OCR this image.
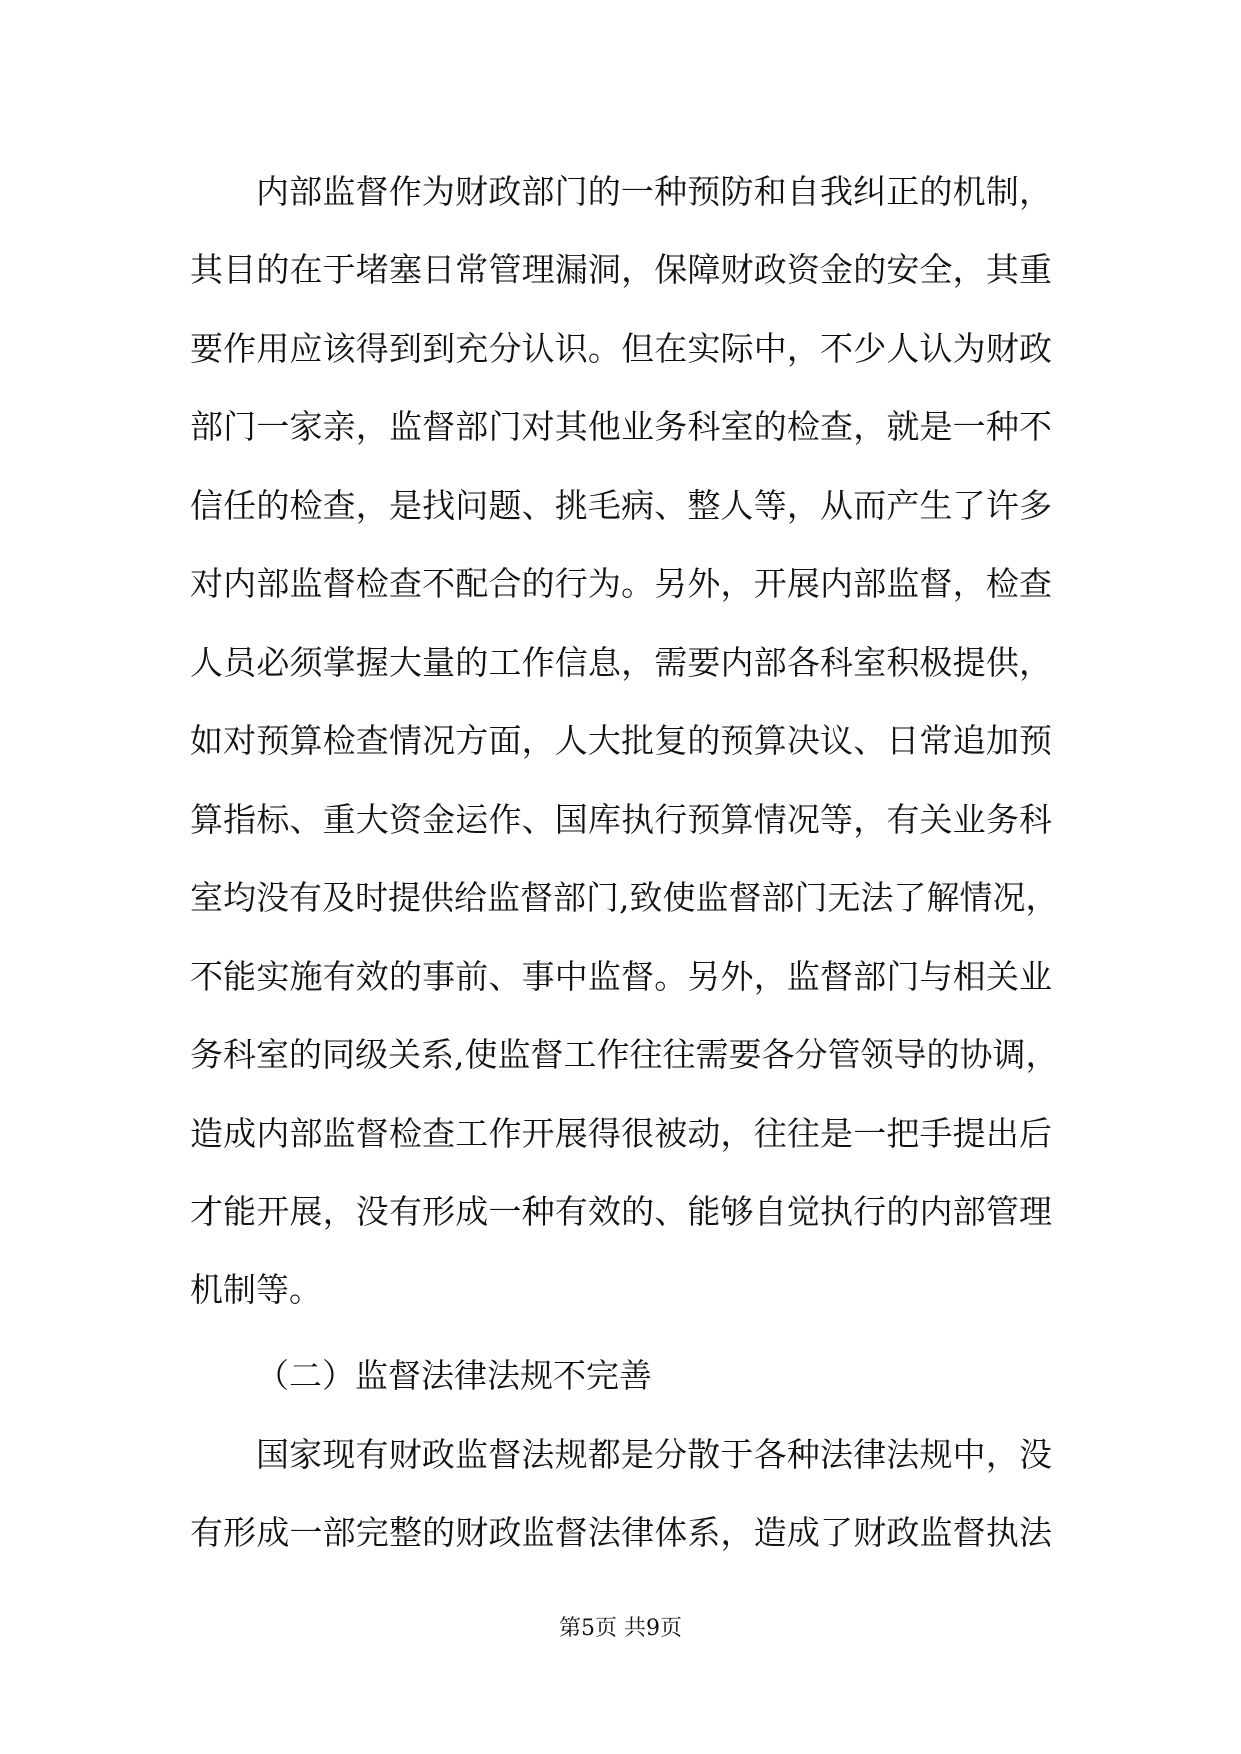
内部监督作为财政部门的一种预防和自我纠正的机制，
其目的在于堵塞日常管理漏洞，保障财政资金的安全，其重
要作用应该得到到充分认识。但在实际中，不少人认为财政
部门一家亲，监督部门对其他业务科室的检查，就是一种不
信任的检查，是找问题、挑毛病、整人等，从而产生了许多
对内部监督检查不配合的行为。另外，开展内部监督，检查
人员必须掌握大量的工作信息，需要内部各科室积极提供，
如对预算检查情况方面，人大批复的预算决议、日常追加预
算指标、重大资金运作、国库执行预算情况等，有关业务科
室均没有及时提供给监督部门,致使监督部门无法了解情况，
不能实施有效的事前、事中监督。另外，监督部门与相关业
务科室的同级关系,使监督工作往往需要各分管领导的协调，
造成内部监督检查工作开展得很被动，往往是一把手提出后
才能开展，没有形成一种有效的、能够自觉执行的内部管理
机制等。
（二）监督法律法规不完善
国家现有财政监督法规都是分散于各种法律法规中，没
有形成一部完整的财政监督法律体系，造成了财政监督执法
第5页 共9页
